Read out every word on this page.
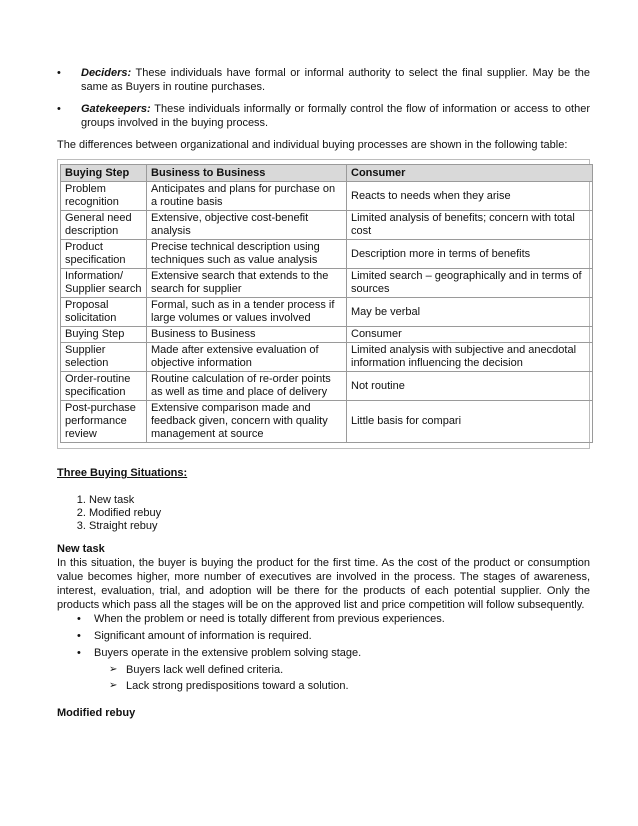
• Deciders: These individuals have formal or informal authority to select the final supplier. May be the same as Buyers in routine purchases.
• Gatekeepers: These individuals informally or formally control the flow of information or access to other groups involved in the buying process.
The differences between organizational and individual buying processes are shown in the following table:
Buying Step	Business to Business	Consumer
Problem recognition	Anticipates and plans for purchase on a routine basis	Reacts to needs when they arise
General need description	Extensive, objective cost-benefit analysis	Limited analysis of benefits; concern with total cost
Product specification	Precise technical description using techniques such as value analysis	Description more in terms of benefits
Information/ Supplier search	Extensive search that extends to the search for supplier	Limited search – geographically and in terms of sources
Proposal solicitation	Formal, such as in a tender process if large volumes or values involved	May be verbal
Buying Step	Business to Business	Consumer
Supplier selection	Made after extensive evaluation of objective information	Limited analysis with subjective and anecdotal information influencing the decision
Order-routine specification	Routine calculation of re-order points as well as time and place of delivery	Not routine
Post-purchase performance review	Extensive comparison made and feedback given, concern with quality management at source	Little basis for compari
Three Buying Situations:
1. New task
2. Modified rebuy
3. Straight rebuy
New task
In this situation, the buyer is buying the product for the first time. As the cost of the product or consumption value becomes higher, more number of executives are involved in the process. The stages of awareness, interest, evaluation, trial, and adoption will be there for the products of each potential supplier. Only the products which pass all the stages will be on the approved list and price competition will follow subsequently.
• When the problem or need is totally different from previous experiences.
• Significant amount of information is required.
• Buyers operate in the extensive problem solving stage.
➢ Buyers lack well defined criteria.
➢ Lack strong predispositions toward a solution.
Modified rebuy
